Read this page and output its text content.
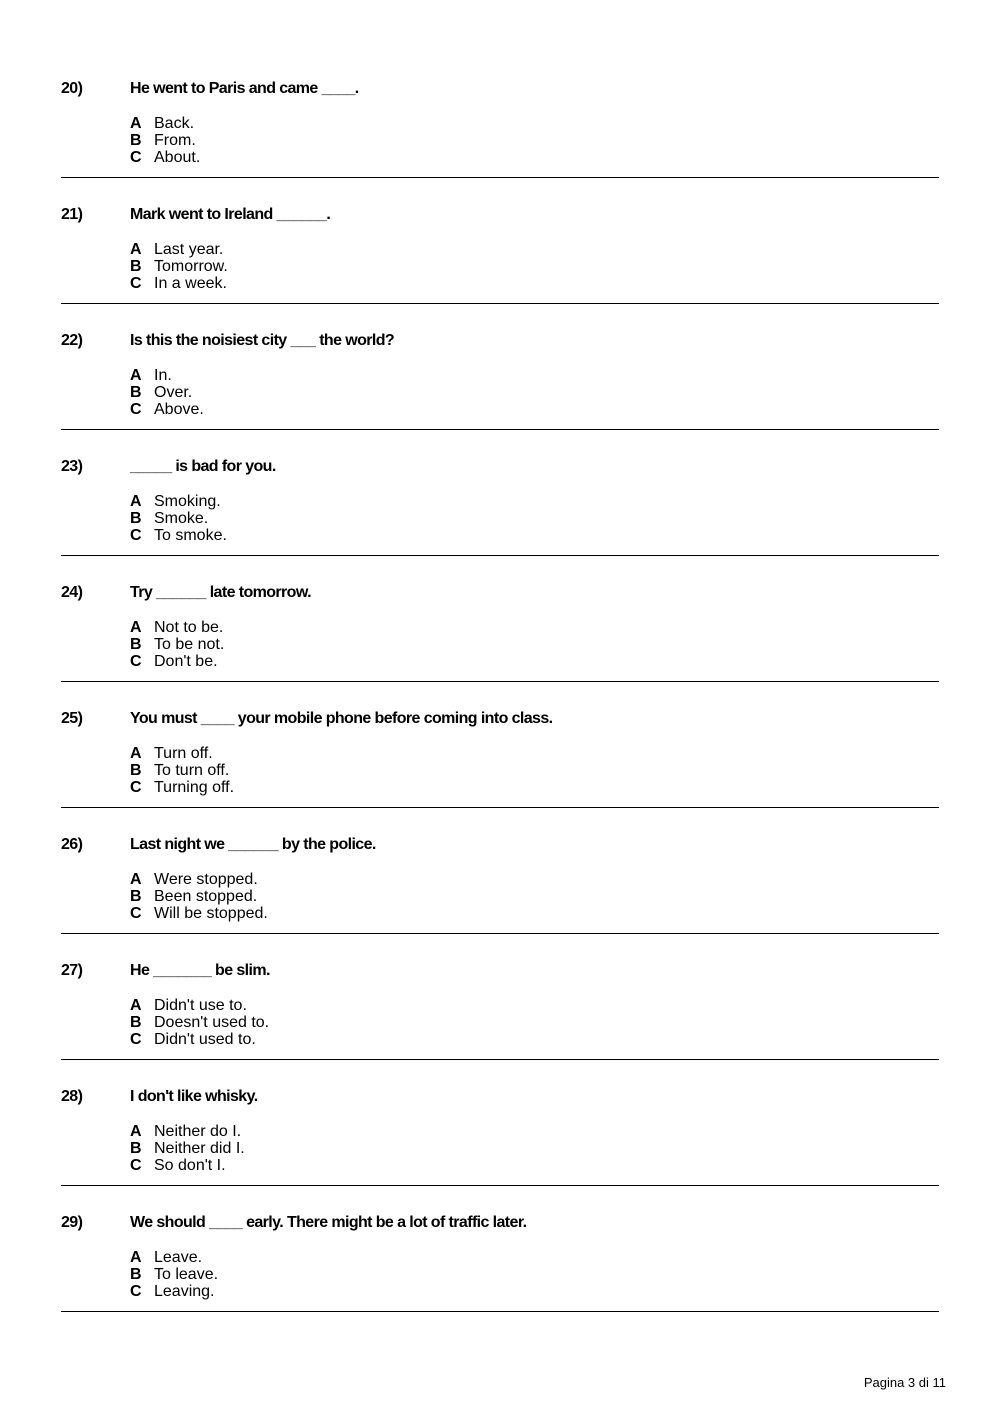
20)	He went to Paris and came ____.
A Back.
B From.
C About.
21)	Mark went to Ireland ______.
A Last year.
B Tomorrow.
C In a week.
22)	Is this the noisiest city ___ the world?
A In.
B Over.
C Above.
23)	_____ is bad for you.
A Smoking.
B Smoke.
C To smoke.
24)	Try ______ late tomorrow.
A Not to be.
B To be not.
C Don't be.
25)	You must ____ your mobile phone before coming into class.
A Turn off.
B To turn off.
C Turning off.
26)	Last night we ______ by the police.
A Were stopped.
B Been stopped.
C Will be stopped.
27)	He _______ be slim.
A Didn't use to.
B Doesn't used to.
C Didn't used to.
28)	I don't like whisky.
A Neither do I.
B Neither did I.
C So don't I.
29)	We should ____ early. There might be a lot of traffic later.
A Leave.
B To leave.
C Leaving.
Pagina 3 di 11
